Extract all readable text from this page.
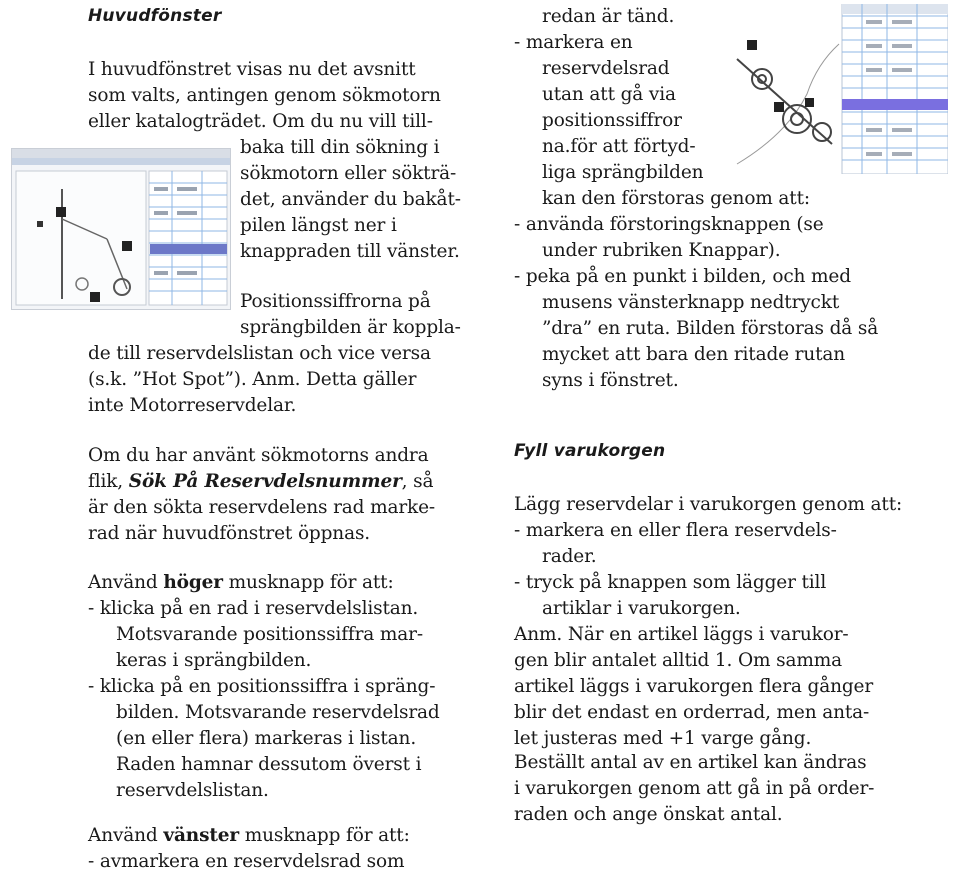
Huvudfönster
I huvudfönstret visas nu det avsnitt
som valts, antingen genom sökmotorn
eller katalogträdet. Om du nu vill till-
baka till din sökning i
sökmotorn eller sökträ-
det, använder du bakåt-
pilen längst ner i
knappraden till vänster.
Positionssiffrorna på
sprängbilden är koppla-
de till reservdelslistan och vice versa
(s.k. ”Hot Spot”). Anm. Detta gäller
inte Motorreservdelar.
Om du har använt sökmotorns andra
flik, Sök På Reservdelsnummer, så
är den sökta reservdelens rad marke-
rad när huvudfönstret öppnas.
Använd höger musknapp för att:
- klicka på en rad i reservdelslistan.
Motsvarande positionssiffra mar-
keras i sprängbilden.
- klicka på en positionssiffra i spräng-
bilden. Motsvarande reservdelsrad
(en eller flera) markeras i listan.
Raden hamnar dessutom överst i
reservdelslistan.
Använd vänster musknapp för att:
- avmarkera en reservdelsrad som
redan är tänd.
- markera en
reservdelsrad
utan att gå via
positionssiffror
na.för att förtyd-
liga sprängbilden
kan den förstoras genom att:
- använda förstoringsknappen (se
under rubriken Knappar).
- peka på en punkt i bilden, och med
musens vänsterknapp nedtryckt
”dra” en ruta. Bilden förstoras då så
mycket att bara den ritade rutan
syns i fönstret.
Fyll varukorgen
Lägg reservdelar i varukorgen genom att:
- markera en eller flera reservdels-
rader.
- tryck på knappen som lägger till
artiklar i varukorgen.
Anm. När en artikel läggs i varukor-
gen blir antalet alltid 1. Om samma
artikel läggs i varukorgen flera gånger
blir det endast en orderrad, men anta-
let justeras med +1 varge gång.
Beställt antal av en artikel kan ändras
i varukorgen genom att gå in på order-
raden och ange önskat antal.
